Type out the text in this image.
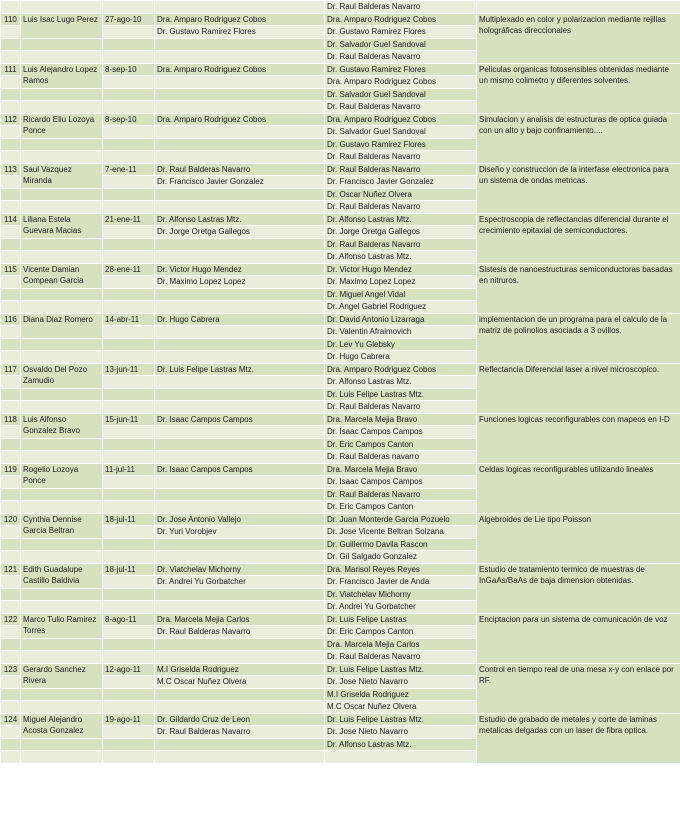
				Dr. Raul Balderas Navarro	
110	Luis Isac Lugo Perez	27-ago-10	Dra. Amparo Rodriguez Cobos	Dra. Amparo Rodriguez Cobos	Multiplexado en color y polarizacion mediante rejillas holográficas direccionales
			Dr. Gustavo Ramirez Flores	Dr. Gustavo Ramirez Flores	
				Dr. Salvador Guel Sandoval	
				Dr. Raul Balderas Navarro	
111	Luis Alejandro Lopez Ramos	8-sep-10	Dra. Amparo Rodriguez Cobos	Dr. Gustavo Ramirez Flores	Peliculas organicas fotosensibles obtenidas mediante un mismo colimetro y diferentes solventes.
				Dra. Amparo Rodriguez Cobos	
				Dr. Salvador Guel Sandoval	
				Dr. Raul Balderas Navarro	
112	Ricardo Eliu Lozoya Ponce	8-sep-10	Dra. Amparo Rodriguez Cobos	Dra. Amparo Rodriguez Cobos	Simulacion y analisis de estructuras de optica guiada con un alto y bajo confinamiento....
				Dr. Salvador Guel Sandoval	
				Dr. Gustavo Ramirez Flores	
				Dr. Raul Balderas Navarro	
113	Saul Vazquez Miranda	7-ene-11	Dr. Raul Balderas Navarro	Dr. Raul Balderas Navarro	Diseño y construccion de la interfase electronica para un sistema de ondas metricas.
			Dr. Francisco Javier Gonzalez	Dr. Francisco Javier Gonzalez	
				Dr. Oscar Nuñez Olvera	
				Dr. Raul Balderas Navarro	
114	Liliana Estela Guevara Macias	21-ene-11	Dr. Alfonso Lastras Mtz.	Dr. Alfonso Lastras Mtz.	Espectroscopia de reflectancias diferencial durante el crecimiento epitaxial de semiconductores.
			Dr. Jorge Oretga Gallegos	Dr. Jorge Oretga Gallegos	
				Dr. Raul Balderas Navarro	
				Dr. Alfonso Lastras Mtz.	
115	Vicente Damian Compean Garcia	28-ene-11	Dr. Victor Hugo Mendez	Dr. Victor Hugo Mendez	Sistesis de nanoestructuras semiconductoras basadas en nitruros.
			Dr. Maximo Lopez Lopez	Dr. Maximo Lopez Lopez	
				Dr. Miguel Angel Vidal	
				Dr. Angel Gabriel Rodriguez	
116	Diana Diaz Romero	14-abr-11	Dr. Hugo Cabrera	Dr. David Antonio Lizarraga	implementacion de un programa para el calculo de la matriz de polinolios asociada a 3 ovillos.
				Dr. Valentin Afraimovich	
				Dr. Lev Yu Glebsky	
				Dr. Hugo Cabrera	
117	Osvaldo Del Pozo Zamudio	13-jun-11	Dr. Luis Felipe Lastras Mtz.	Dra. Amparo Rodriguez Cobos	Reflectancia Diferencial laser a nivel microscopico.
				Dr. Alfonso Lastras Mtz.	
				Dr. Luis Felipe Lastras Mtz.	
				Dr. Raul Balderas Navarro	
118	Luis Alfonso Gonzalez Bravo	15-jun-11	Dr. Isaac Campos Campos	Dra. Marcela Mejia Bravo	Funciones logicas reconfigurables con mapeos en I-D
				Dr. Isaac Campos Campos	
				Dr. Eric Campos Canton	
				Dr. Raul Balderas navarro	
119	Rogelio Lozoya Ponce	11-jul-11	Dr. Isaac Campos Campos	Dra. Marcela Mejia Bravo	Celdas logicas reconfigurables utilizando lineales
				Dr. Isaac Campos Campos	
				Dr. Raul Balderas Navarro	
				Dr. Eric Campos Canton	
120	Cynthia Dennise Garcia Beltran	18-jul-11	Dr. Jose Antonio Vallejo	Dr. Juan Monterde Garcia Pozuelo	Algebroides de Lie tipo Poisson
			Dr. Yuri Vorobjev	Dr. Jose Vicente Beltran Solzana	
				Dr. Guillermo Davila Rascon	
				Dr. Gil Salgado Gonzalez	
121	Edith Guadalupe Castillo Baldivia	18-jul-11	Dr. Viatchelav Michorny	Dra. Marisol Reyes Reyes	Estudio de tratamiento termico de muestras de InGaAs/BaAs de baja dimension obtenidas.
			Dr. Andrei Yu Gorbatcher	Dr. Francisco Javier de Anda	
				Dr. Viatchelav Michorny	
				Dr. Andrei Yu Gorbatcher	
122	Marco Tulio Ramirez Torres	8-ago-11	Dra. Marcela Mejia Carlos	Dr. Luis Felipe Lastras	Enciptacion para un sistema de comunicación de voz
			Dr. Raul Balderas Navarro	Dr. Eric Campos Canton	
				Dra. Marcela Mejia Carlos	
				Dr. Raul Balderas Navarro	
123	Gerardo Sanchez Rivera	12-ago-11	M.I Griselda Rodriguez	Dr. Luis Felipe Lastras Mtz.	Control en tiempo real de una mesa x-y con enlace por RF.
			M.C Oscar Nuñez Olvera	Dr. Jose Nieto Navarro	
				M.I Griselda Rodriguez	
				M.C Oscar Nuñez Olvera	
124	Miguel Alejandro Acosta Gonzalez	19-ago-11	Dr. Gildardo Cruz de Leon	Dr. Luis Felipe Lastras Mtz.	Estudio de grabado de metales y corte de laminas metalicas delgadas con un laser de fibra optica.
			Dr. Raul Balderas Navarro	Dr. Jose Nieto Navarro	
				Dr. Alfonso Lastras Mtz.	
